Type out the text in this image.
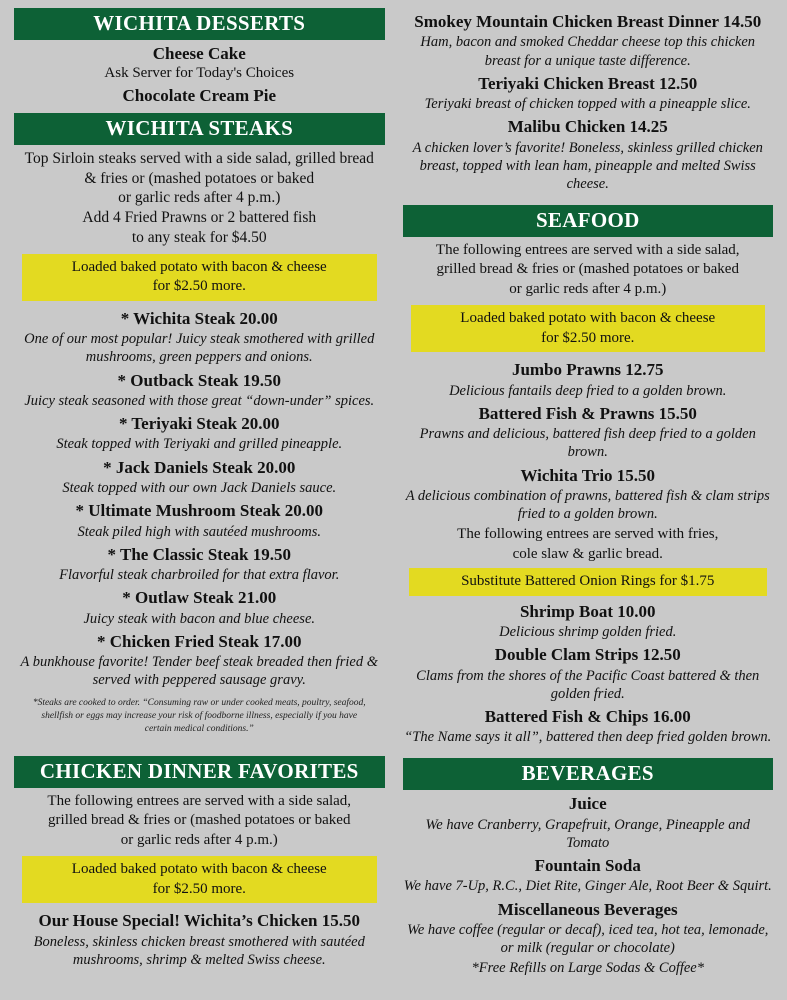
WICHITA DESSERTS
Cheese Cake
Ask Server for Today's Choices
Chocolate Cream Pie
WICHITA STEAKS
Top Sirloin steaks served with a side salad, grilled bread
& fries or (mashed potatoes or baked
or garlic reds after 4 p.m.)
Add 4 Fried Prawns or 2 battered fish
to any steak for $4.50
Loaded baked potato with bacon & cheese
for $2.50 more.
* Wichita Steak 20.00
One of our most popular! Juicy steak smothered with grilled mushrooms, green peppers and onions.
* Outback Steak 19.50
Juicy steak seasoned with those great “down-under” spices.
* Teriyaki Steak 20.00
Steak topped with Teriyaki and grilled pineapple.
* Jack Daniels Steak 20.00
Steak topped with our own Jack Daniels sauce.
* Ultimate Mushroom Steak 20.00
Steak piled high with sautéed mushrooms.
* The Classic Steak 19.50
Flavorful steak charbroiled for that extra flavor.
* Outlaw Steak 21.00
Juicy steak with bacon and blue cheese.
* Chicken Fried Steak 17.00
A bunkhouse favorite! Tender beef steak breaded then fried & served with peppered sausage gravy.
*Steaks are cooked to order. “Consuming raw or under cooked meats, poultry, seafood, shellfish or eggs may increase your risk of foodborne illness, especially if you have certain medical conditions.”
CHICKEN DINNER FAVORITES
The following entrees are served with a side salad,
grilled bread & fries or (mashed potatoes or baked
or garlic reds after 4 p.m.)
Loaded baked potato with bacon & cheese
for $2.50 more.
Our House Special! Wichita’s Chicken 15.50
Boneless, skinless chicken breast smothered with sautéed mushrooms, shrimp & melted Swiss cheese.
Smokey Mountain Chicken Breast Dinner 14.50
Ham, bacon and smoked Cheddar cheese top this chicken breast for a unique taste difference.
Teriyaki Chicken Breast 12.50
Teriyaki breast of chicken topped with a pineapple slice.
Malibu Chicken 14.25
A chicken lover’s favorite! Boneless, skinless grilled chicken breast, topped with lean ham, pineapple and melted Swiss cheese.
SEAFOOD
The following entrees are served with a side salad,
grilled bread & fries or (mashed potatoes or baked
or garlic reds after 4 p.m.)
Loaded baked potato with bacon & cheese
for $2.50 more.
Jumbo Prawns 12.75
Delicious fantails deep fried to a golden brown.
Battered Fish & Prawns 15.50
Prawns and delicious, battered fish deep fried to a golden brown.
Wichita Trio 15.50
A delicious combination of prawns, battered fish & clam strips fried to a golden brown.
The following entrees are served with fries,
cole slaw & garlic bread.
Substitute Battered Onion Rings for $1.75
Shrimp Boat 10.00
Delicious shrimp golden fried.
Double Clam Strips 12.50
Clams from the shores of the Pacific Coast battered & then golden fried.
Battered Fish & Chips 16.00
“The Name says it all”, battered then deep fried golden brown.
BEVERAGES
Juice
We have Cranberry, Grapefruit, Orange, Pineapple and Tomato
Fountain Soda
We have 7-Up, R.C., Diet Rite, Ginger Ale, Root Beer & Squirt.
Miscellaneous Beverages
We have coffee (regular or decaf), iced tea, hot tea, lemonade, or milk (regular or chocolate)
*Free Refills on Large Sodas & Coffee*
